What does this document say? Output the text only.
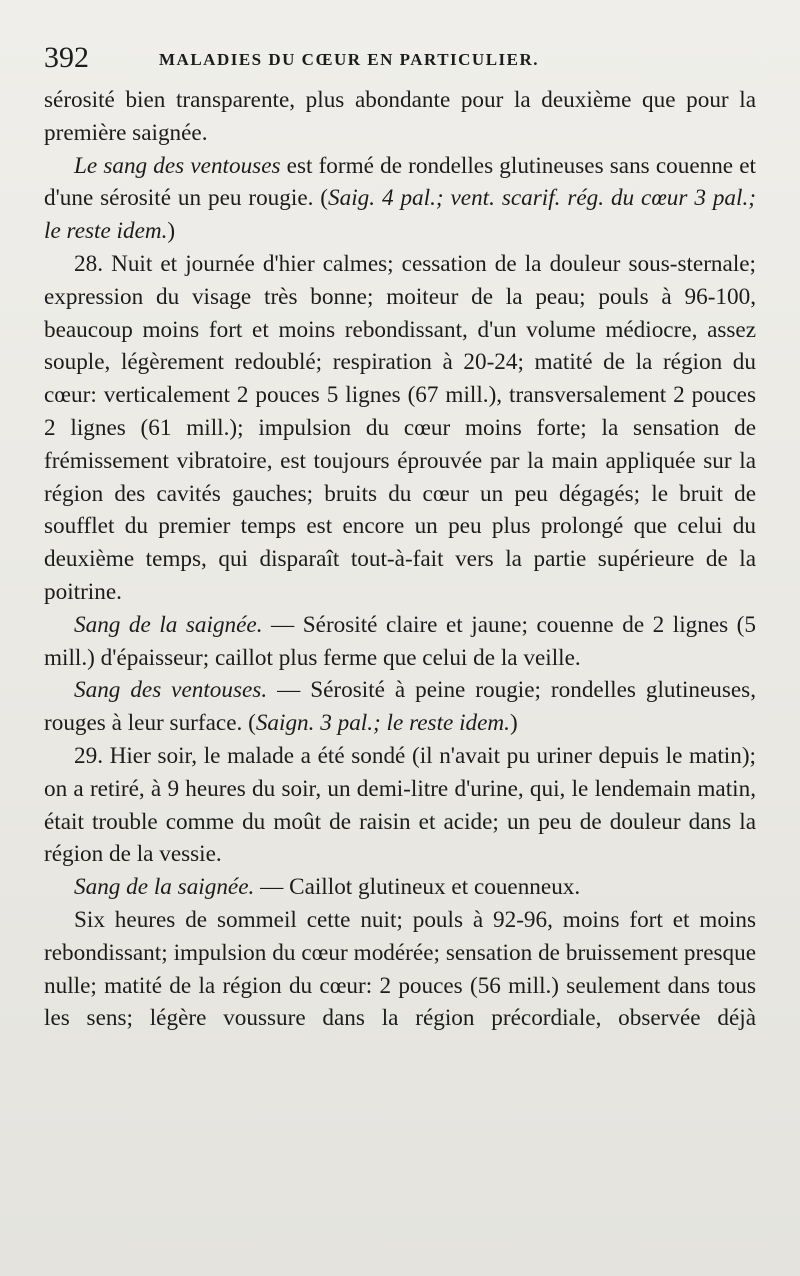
392	MALADIES DU CŒUR EN PARTICULIER.

sérosité bien transparente, plus abondante pour la deuxième que pour la première saignée.

Le sang des ventouses est formé de rondelles glutineuses sans couenne et d'une sérosité un peu rougie. (Saig. 4 pal.; vent. scarif. rég. du cœur 3 pal.; le reste idem.)

28. Nuit et journée d'hier calmes; cessation de la douleur sous-sternale; expression du visage très bonne; moiteur de la peau; pouls à 96-100, beaucoup moins fort et moins rebondissant, d'un volume médiocre, assez souple, légèrement redoublé; respiration à 20-24; matité de la région du cœur: verticalement 2 pouces 5 lignes (67 mill.), transversalement 2 pouces 2 lignes (61 mill.); impulsion du cœur moins forte; la sensation de frémissement vibratoire, est toujours éprouvée par la main appliquée sur la région des cavités gauches; bruits du cœur un peu dégagés; le bruit de soufflet du premier temps est encore un peu plus prolongé que celui du deuxième temps, qui disparaît tout-à-fait vers la partie supérieure de la poitrine.

Sang de la saignée. — Sérosité claire et jaune; couenne de 2 lignes (5 mill.) d'épaisseur; caillot plus ferme que celui de la veille.

Sang des ventouses. — Sérosité à peine rougie; rondelles glutineuses, rouges à leur surface. (Saign. 3 pal.; le reste idem.)

29. Hier soir, le malade a été sondé (il n'avait pu uriner depuis le matin); on a retiré, à 9 heures du soir, un demi-litre d'urine, qui, le lendemain matin, était trouble comme du moût de raisin et acide; un peu de douleur dans la région de la vessie.

Sang de la saignée. — Caillot glutineux et couenneux.

Six heures de sommeil cette nuit; pouls à 92-96, moins fort et moins rebondissant; impulsion du cœur modérée; sensation de bruissement presque nulle; matité de la région du cœur: 2 pouces (56 mill.) seulement dans tous les sens; légère voussure dans la région précordiale, observée déjà
